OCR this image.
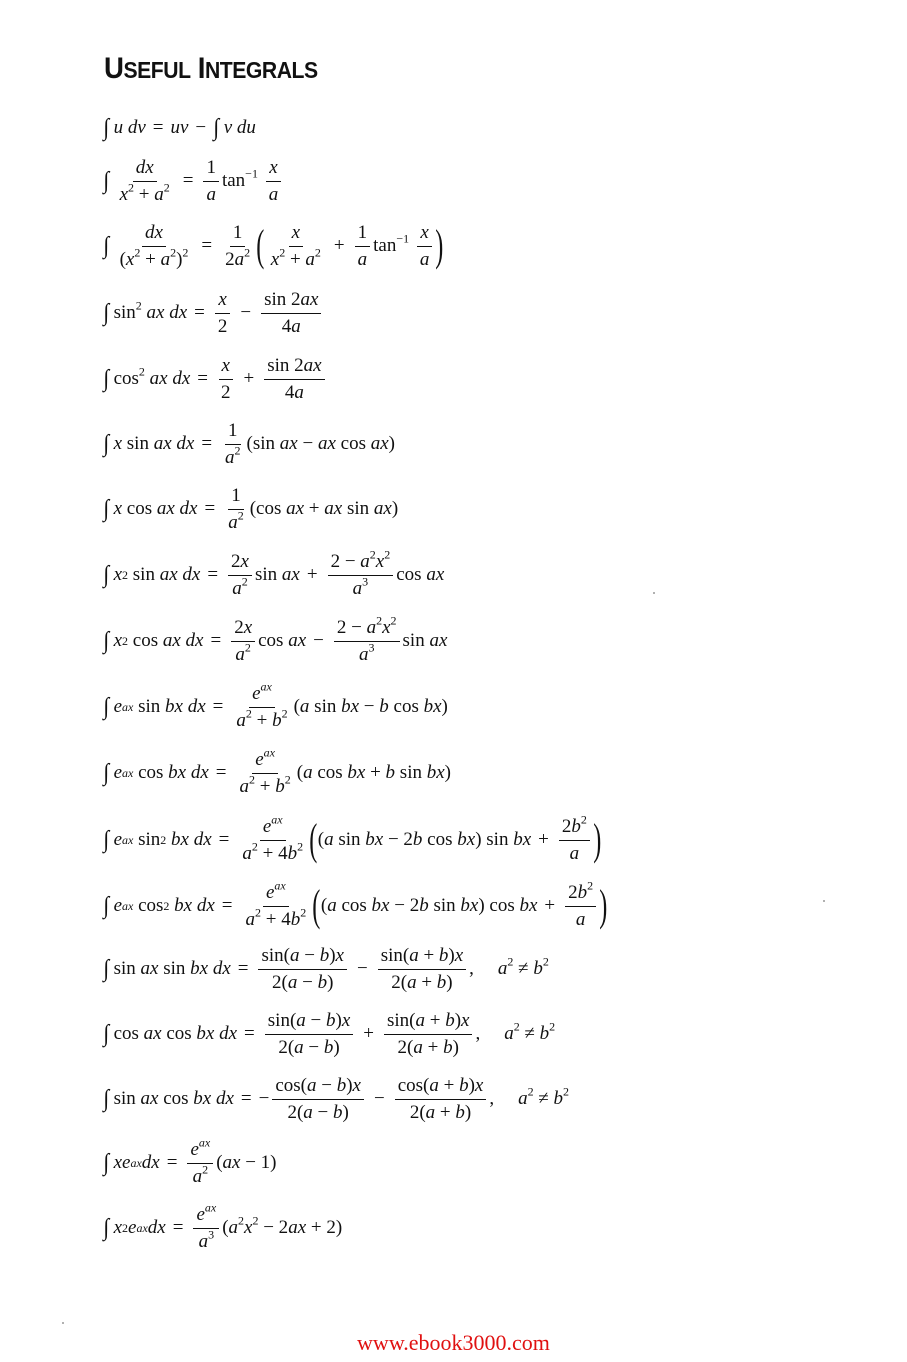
USEFUL INTEGRALS
∫ u
dv = uv − ∫ v
du
∫ $\frac{dx}{x^2 + a^2} = \frac{1}{a} \tan^{-1}$
$\frac{x}{a}$
∫ $\frac{dx}{(x^2 + a^2)^2} = \frac{1}{2a^2}$ ( $\frac{x}{x^2 + a^2} + \frac{1}{a} \tan^{-1}$
$\frac{x}{a}$ )
∫ $\sin^2$
ax
dx = $\frac{x}{2} - \frac{\sin 2ax}{4a}$
∫ $\cos^2$
ax
dx = $\frac{x}{2} + \frac{\sin 2ax}{4a}$
∫ x sin ax
dx = $\frac{1}{a^2} (\sin$ ax − ax cos ax)
∫ x cos ax
dx = $\frac{1}{a^2} (\cos$ ax + ax sin ax)
∫ x 2 sin ax
dx = $\frac{2x}{a^2}$ sin ax + $\frac{2 - a^2x^2}{a^3}$ cos ax
∫ x 2 cos ax
dx = $\frac{2x}{a^2}$ cos ax − $\frac{2 - a^2x^2}{a^3}$ sin ax
∫ e ax sin bx
dx = $\frac{e^{ax}}{a^2 + b^2} (a$ sin bx − b cos bx)
∫ e ax cos bx
dx = $\frac{e^{ax}}{a^2 + b^2} (a$ cos bx + b sin bx)
∫ e ax sin 2
bx
dx = $\frac{e^{ax}}{a^2 + 4b^2}$ ( (a sin bx − 2b cos bx) sin bx + $\frac{2b^2}{a}$ )
∫ e ax cos 2
bx
dx = $\frac{e^{ax}}{a^2 + 4b^2}$ ( (a cos bx − 2b sin bx) cos bx + $\frac{2b^2}{a}$ )
∫ sin ax sin bx
dx = $\frac{\sin(a - b)x}{2(a - b)} - \frac{\sin(a + b)x}{2(a + b)}$ , $a^2 \ne b^2$
∫ cos ax cos bx
dx = $\frac{\sin(a - b)x}{2(a - b)} + \frac{\sin(a + b)x}{2(a + b)}$ , $a^2 \ne b^2$
∫ sin ax cos bx
dx = − $\frac{\cos(a - b)x}{2(a - b)} - \frac{\cos(a + b)x}{2(a + b)}$ , $a^2 \ne b^2$
∫ x e ax dx = $\frac{e^{ax}}{a^2} (ax - 1)$
∫ x 2 e ax dx = $\frac{e^{ax}}{a^3} (a^2x^2 - 2ax + 2)$
www.ebook3000.com
